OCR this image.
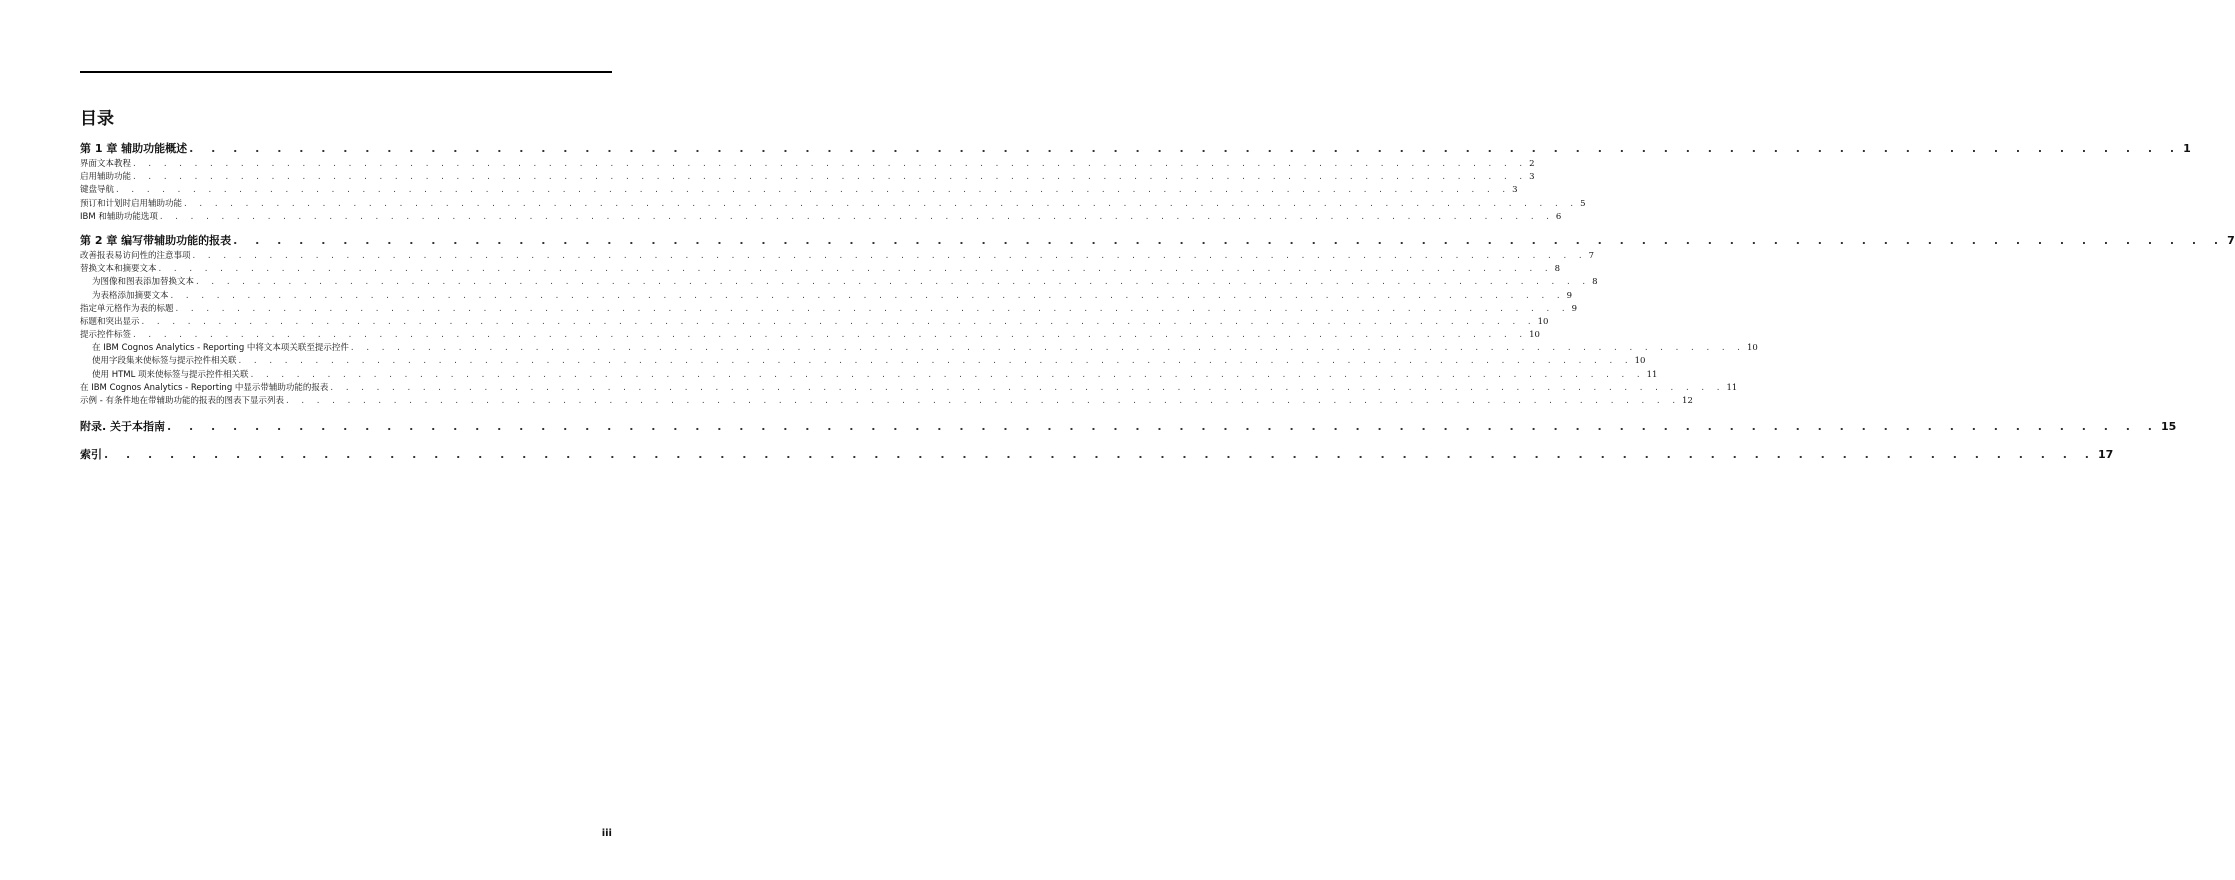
目录
第 1 章 辅助功能概述 . . . . . . . . . . . . . . . . . . . . . . . . . . . . . . . . . . . . . . . . . . . . . . . . . . . . . . . . . . . . . . . . . . . . . . . . . . . . . . . . . . . . . . . . . . . 1
界面文本教程 . . . . . . . . . . . . . . . . . . . . . . . . . . . . . . . . . . . . . . . . . . . . . . . . . . . . . . . . . . . . . . . . . . . . . . . . . . . . . . . . . . . . . . . . . . . 2
启用辅助功能 . . . . . . . . . . . . . . . . . . . . . . . . . . . . . . . . . . . . . . . . . . . . . . . . . . . . . . . . . . . . . . . . . . . . . . . . . . . . . . . . . . . . . . . . . . . 3
键盘导航 . . . . . . . . . . . . . . . . . . . . . . . . . . . . . . . . . . . . . . . . . . . . . . . . . . . . . . . . . . . . . . . . . . . . . . . . . . . . . . . . . . . . . . . . . . . 3
预订和计划时启用辅助功能 . . . . . . . . . . . . . . . . . . . . . . . . . . . . . . . . . . . . . . . . . . . . . . . . . . . . . . . . . . . . . . . . . . . . . . . . . . . . . . . . . . . . . . . . . . . 5
IBM 和辅助功能选项 . . . . . . . . . . . . . . . . . . . . . . . . . . . . . . . . . . . . . . . . . . . . . . . . . . . . . . . . . . . . . . . . . . . . . . . . . . . . . . . . . . . . . . . . . . . 6
第 2 章 编写带辅助功能的报表 . . . . . . . . . . . . . . . . . . . . . . . . . . . . . . . . . . . . . . . . . . . . . . . . . . . . . . . . . . . . . . . . . . . . . . . . . . . . . . . . . . . . . . . . . . . 7
改善报表易访问性的注意事项 . . . . . . . . . . . . . . . . . . . . . . . . . . . . . . . . . . . . . . . . . . . . . . . . . . . . . . . . . . . . . . . . . . . . . . . . . . . . . . . . . . . . . . . . . . . 7
替换文本和摘要文本 . . . . . . . . . . . . . . . . . . . . . . . . . . . . . . . . . . . . . . . . . . . . . . . . . . . . . . . . . . . . . . . . . . . . . . . . . . . . . . . . . . . . . . . . . . . 8
为图像和图表添加替换文本 . . . . . . . . . . . . . . . . . . . . . . . . . . . . . . . . . . . . . . . . . . . . . . . . . . . . . . . . . . . . . . . . . . . . . . . . . . . . . . . . . . . . . . . . . . . 8
为表格添加摘要文本 . . . . . . . . . . . . . . . . . . . . . . . . . . . . . . . . . . . . . . . . . . . . . . . . . . . . . . . . . . . . . . . . . . . . . . . . . . . . . . . . . . . . . . . . . . . 9
指定单元格作为表的标题 . . . . . . . . . . . . . . . . . . . . . . . . . . . . . . . . . . . . . . . . . . . . . . . . . . . . . . . . . . . . . . . . . . . . . . . . . . . . . . . . . . . . . . . . . . . 9
标题和突出显示 . . . . . . . . . . . . . . . . . . . . . . . . . . . . . . . . . . . . . . . . . . . . . . . . . . . . . . . . . . . . . . . . . . . . . . . . . . . . . . . . . . . . . . . . . . . 10
提示控件标签 . . . . . . . . . . . . . . . . . . . . . . . . . . . . . . . . . . . . . . . . . . . . . . . . . . . . . . . . . . . . . . . . . . . . . . . . . . . . . . . . . . . . . . . . . . . 10
在 IBM Cognos Analytics - Reporting 中将文本项关联至提示控件 . . . . . . . . . . . . . . . . . . . . . . . . . . . . . . . . . . . . . . . . . . . . . . . . . . . . . . . . . . . . . . . . . . . . . . . . . . . . . . . . . . . . . . . . . . . 10
使用字段集来使标签与提示控件相关联 . . . . . . . . . . . . . . . . . . . . . . . . . . . . . . . . . . . . . . . . . . . . . . . . . . . . . . . . . . . . . . . . . . . . . . . . . . . . . . . . . . . . . . . . . . . 10
使用 HTML 项来使标签与提示控件相关联 . . . . . . . . . . . . . . . . . . . . . . . . . . . . . . . . . . . . . . . . . . . . . . . . . . . . . . . . . . . . . . . . . . . . . . . . . . . . . . . . . . . . . . . . . . . 11
在 IBM Cognos Analytics - Reporting 中显示带辅助功能的报表 . . . . . . . . . . . . . . . . . . . . . . . . . . . . . . . . . . . . . . . . . . . . . . . . . . . . . . . . . . . . . . . . . . . . . . . . . . . . . . . . . . . . . . . . . . . 11
示例 - 有条件地在带辅助功能的报表的图表下显示列表 . . . . . . . . . . . . . . . . . . . . . . . . . . . . . . . . . . . . . . . . . . . . . . . . . . . . . . . . . . . . . . . . . . . . . . . . . . . . . . . . . . . . . . . . . . . 12
附录. 关于本指南 . . . . . . . . . . . . . . . . . . . . . . . . . . . . . . . . . . . . . . . . . . . . . . . . . . . . . . . . . . . . . . . . . . . . . . . . . . . . . . . . . . . . . . . . . . . 15
索引 . . . . . . . . . . . . . . . . . . . . . . . . . . . . . . . . . . . . . . . . . . . . . . . . . . . . . . . . . . . . . . . . . . . . . . . . . . . . . . . . . . . . . . . . . . . 17
iii
